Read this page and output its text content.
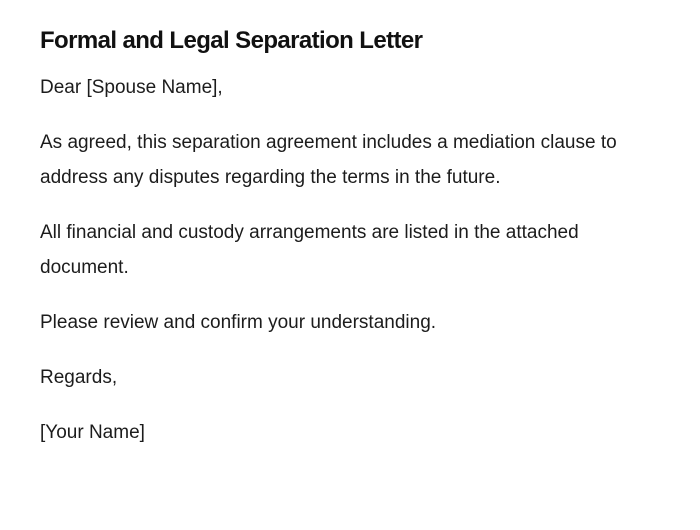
Formal and Legal Separation Letter

Dear [Spouse Name],

As agreed, this separation agreement includes a mediation clause to address any disputes regarding the terms in the future.

All financial and custody arrangements are listed in the attached document.

Please review and confirm your understanding.

Regards,

[Your Name]
